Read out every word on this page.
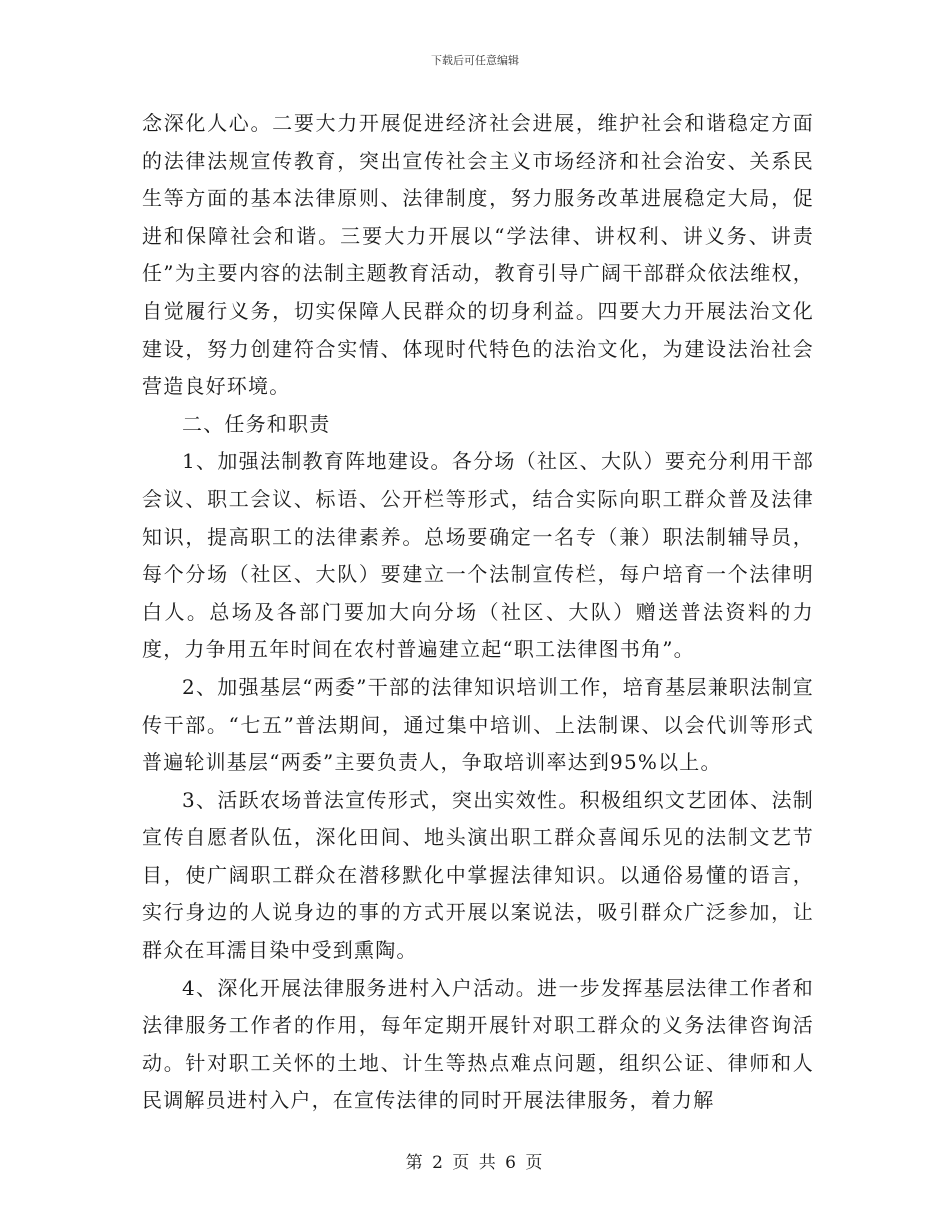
下载后可任意编辑

念深化人心。二要大力开展促进经济社会进展，维护社会和谐稳定方面的法律法规宣传教育，突出宣传社会主义市场经济和社会治安、关系民生等方面的基本法律原则、法律制度，努力服务改革进展稳定大局，促进和保障社会和谐。三要大力开展以“学法律、讲权利、讲义务、讲责任”为主要内容的法制主题教育活动，教育引导广阔干部群众依法维权，自觉履行义务，切实保障人民群众的切身利益。四要大力开展法治文化建设，努力创建符合实情、体现时代特色的法治文化，为建设法治社会营造良好环境。

二、任务和职责

1、加强法制教育阵地建设。各分场（社区、大队）要充分利用干部会议、职工会议、标语、公开栏等形式，结合实际向职工群众普及法律知识，提高职工的法律素养。总场要确定一名专（兼）职法制辅导员，每个分场（社区、大队）要建立一个法制宣传栏，每户培育一个法律明白人。总场及各部门要加大向分场（社区、大队）赠送普法资料的力度，力争用五年时间在农村普遍建立起“职工法律图书角”。

2、加强基层“两委”干部的法律知识培训工作，培育基层兼职法制宣传干部。“七五”普法期间，通过集中培训、上法制课、以会代训等形式普遍轮训基层“两委”主要负责人，争取培训率达到95%以上。

3、活跃农场普法宣传形式，突出实效性。积极组织文艺团体、法制宣传自愿者队伍，深化田间、地头演出职工群众喜闻乐见的法制文艺节目，使广阔职工群众在潜移默化中掌握法律知识。以通俗易懂的语言，实行身边的人说身边的事的方式开展以案说法，吸引群众广泛参加，让群众在耳濡目染中受到熏陶。

4、深化开展法律服务进村入户活动。进一步发挥基层法律工作者和法律服务工作者的作用，每年定期开展针对职工群众的义务法律咨询活动。针对职工关怀的土地、计生等热点难点问题，组织公证、律师和人民调解员进村入户，在宣传法律的同时开展法律服务，着力解

第 2 页 共 6 页
